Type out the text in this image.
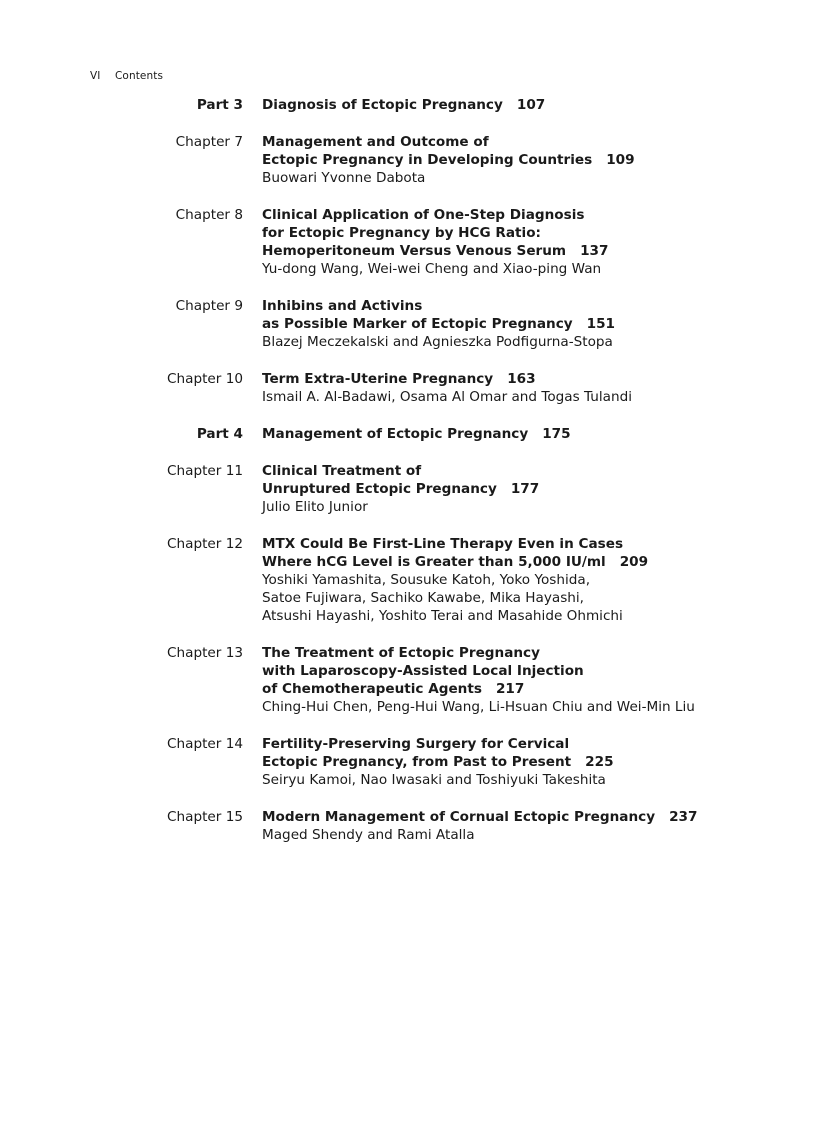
VI Contents
Part 3 Diagnosis of Ectopic Pregnancy 107
Chapter 7 Management and Outcome of
Ectopic Pregnancy in Developing Countries 109
Buowari Yvonne Dabota
Chapter 8 Clinical Application of One-Step Diagnosis
for Ectopic Pregnancy by HCG Ratio:
Hemoperitoneum Versus Venous Serum 137
Yu-dong Wang, Wei-wei Cheng and Xiao-ping Wan
Chapter 9 Inhibins and Activins
as Possible Marker of Ectopic Pregnancy 151
Blazej Meczekalski and Agnieszka Podfigurna-Stopa
Chapter 10 Term Extra-Uterine Pregnancy 163
Ismail A. Al-Badawi, Osama Al Omar and Togas Tulandi
Part 4 Management of Ectopic Pregnancy 175
Chapter 11 Clinical Treatment of
Unruptured Ectopic Pregnancy 177
Julio Elito Junior
Chapter 12 MTX Could Be First-Line Therapy Even in Cases
Where hCG Level is Greater than 5,000 IU/ml 209
Yoshiki Yamashita, Sousuke Katoh, Yoko Yoshida,
Satoe Fujiwara, Sachiko Kawabe, Mika Hayashi,
Atsushi Hayashi, Yoshito Terai and Masahide Ohmichi
Chapter 13 The Treatment of Ectopic Pregnancy
with Laparoscopy-Assisted Local Injection
of Chemotherapeutic Agents 217
Ching-Hui Chen, Peng-Hui Wang, Li-Hsuan Chiu and Wei-Min Liu
Chapter 14 Fertility-Preserving Surgery for Cervical
Ectopic Pregnancy, from Past to Present 225
Seiryu Kamoi, Nao Iwasaki and Toshiyuki Takeshita
Chapter 15 Modern Management of Cornual Ectopic Pregnancy 237
Maged Shendy and Rami Atalla
